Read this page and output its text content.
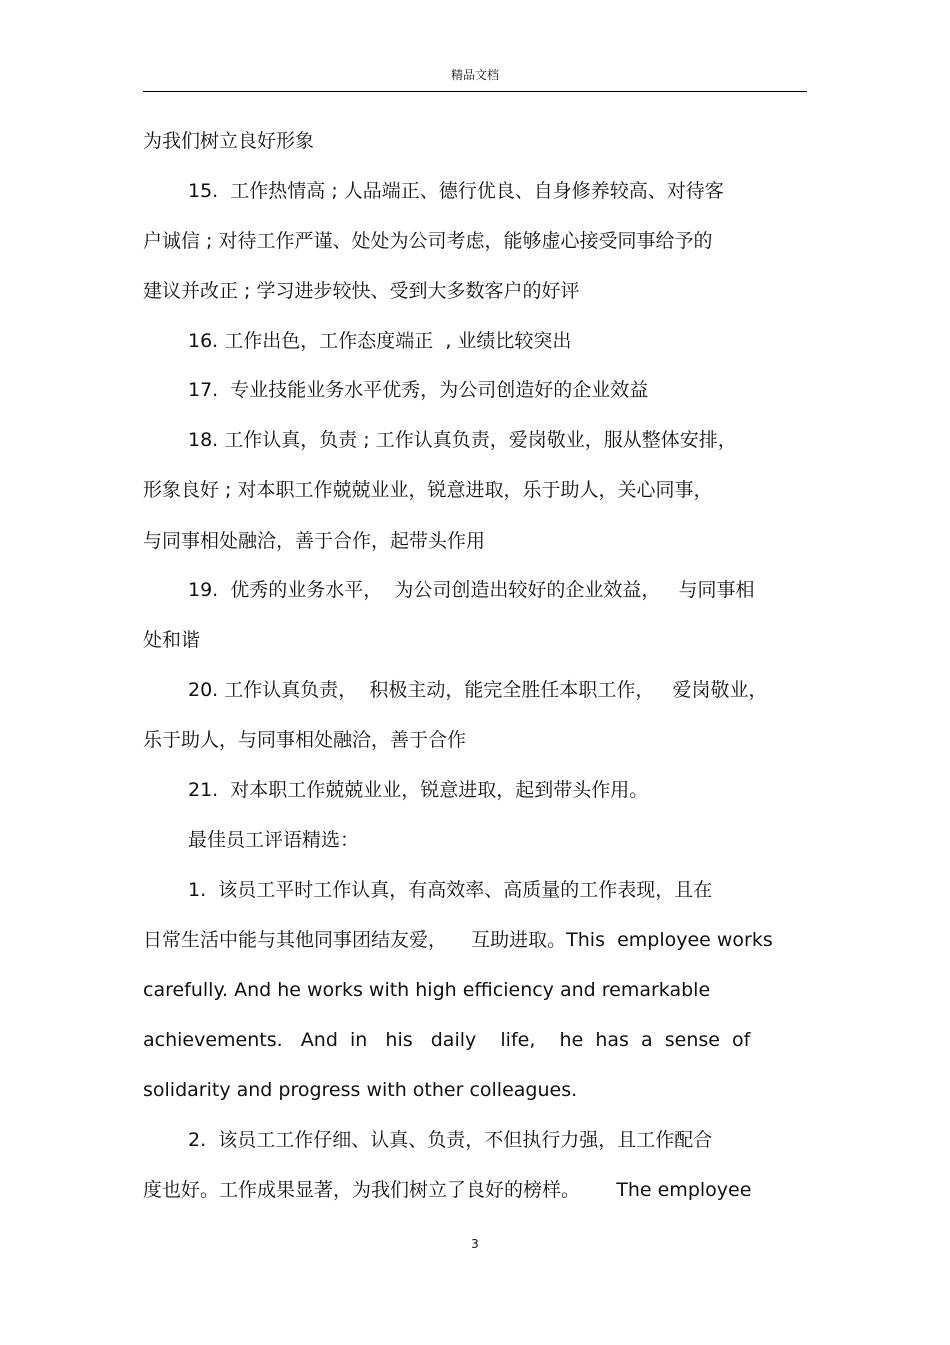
精品文档
为我们树立良好形象
15.  工作热情高 ; 人品端正、德行优良、自身修养较高、对待客
户诚信 ; 对待工作严谨、处处为公司考虑，能够虚心接受同事给予的
建议并改正 ; 学习进步较快、受到大多数客户的好评
16. 工作出色，工作态度端正  , 业绩比较突出
17.  专业技能业务水平优秀，为公司创造好的企业效益
18. 工作认真，负责 ; 工作认真负责，爱岗敬业，服从整体安排，
形象良好 ; 对本职工作兢兢业业，锐意进取，乐于助人，关心同事，
与同事相处融洽，善于合作，起带头作用
19.  优秀的业务水平，  为公司创造出较好的企业效益，   与同事相
处和谐
20. 工作认真负责，  积极主动，能完全胜任本职工作，   爱岗敬业，
乐于助人，与同事相处融洽，善于合作
21.  对本职工作兢兢业业，锐意进取，起到带头作用。
最佳员工评语精选：
1.  该员工平时工作认真，有高效率、高质量的工作表现，且在
日常生活中能与其他同事团结友爱，    互助进取。This  employee works
carefully. And he works with high efficiency and remarkable
achievements.   And  in   his   daily    life,    he  has  a  sense  of
solidarity and progress with other colleagues.
2.  该员工工作仔细、认真、负责，不但执行力强，且工作配合
度也好。工作成果显著，为我们树立了良好的榜样。      The employee
3
